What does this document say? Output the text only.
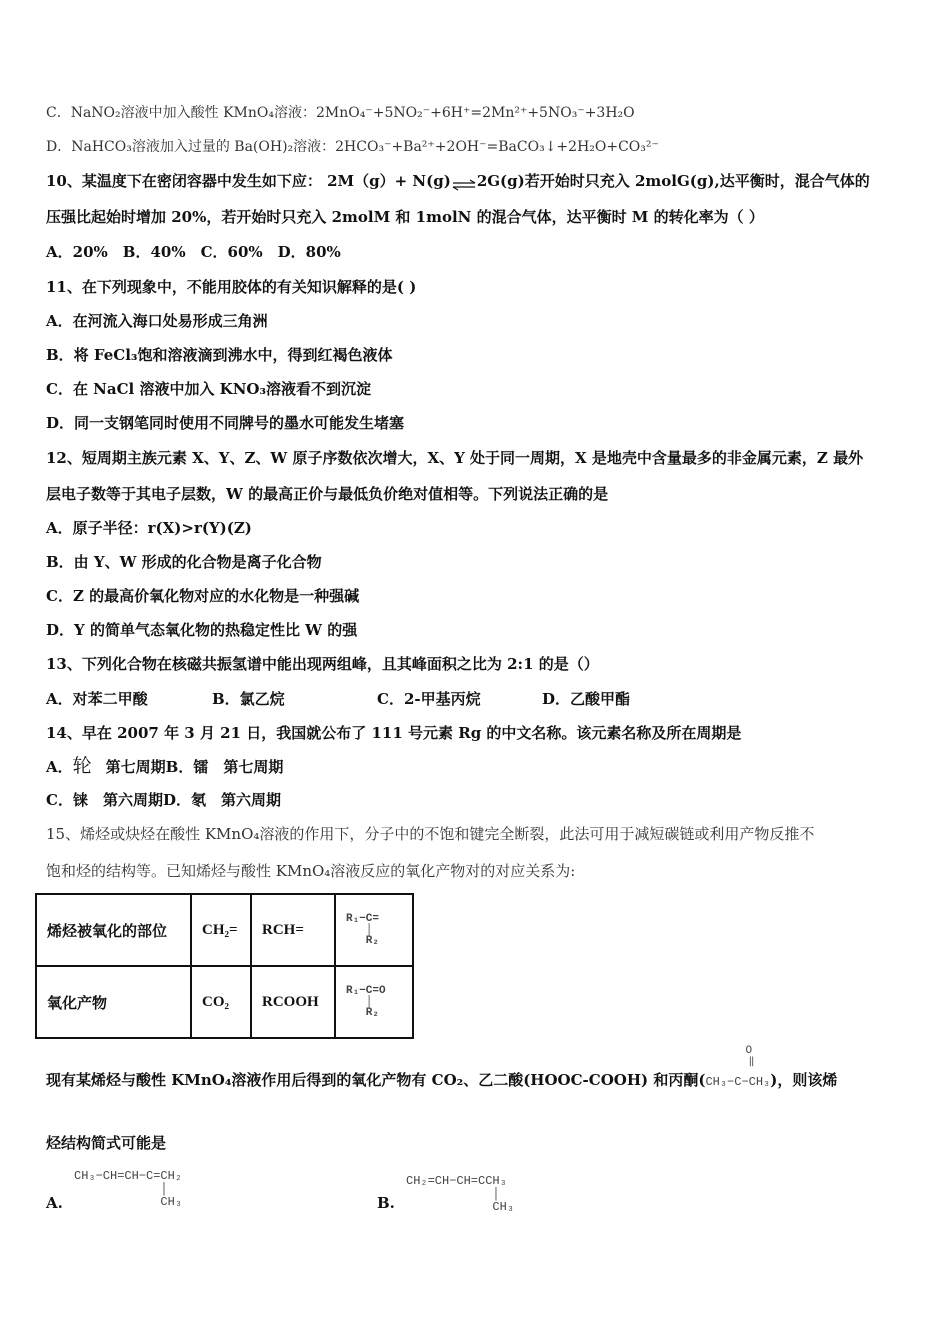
C．NaNO₂溶液中加入酸性 KMnO₄溶液：2MnO₄⁻+5NO₂⁻+6H⁺=2Mn²⁺+5NO₃⁻+3H₂O
D．NaHCO₃溶液加入过量的 Ba(OH)₂溶液：2HCO₃⁻+Ba²⁺+2OH⁻=BaCO₃↓+2H₂O+CO₃²⁻
10、某温度下在密闭容器中发生如下应： 2M（g）+ N(g)⇌2G(g)若开始时只充入 2molG(g),达平衡时，混合气体的
压强比起始时增加 20%，若开始时只充入 2molM 和 1molN 的混合气体，达平衡时 M 的转化率为（ ）
A．20%　B．40%　C．60%　D．80%
11、在下列现象中，不能用胶体的有关知识解释的是( )
A．在河流入海口处易形成三角洲
B．将 FeCl₃饱和溶液滴到沸水中，得到红褐色液体
C．在 NaCl 溶液中加入 KNO₃溶液看不到沉淀
D．同一支钢笔同时使用不同牌号的墨水可能发生堵塞
12、短周期主族元素 X、Y、Z、W 原子序数依次增大，X、Y 处于同一周期，X 是地壳中含量最多的非金属元素，Z 最外
层电子数等于其电子层数，W 的最高正价与最低负价绝对值相等。下列说法正确的是
A．原子半径：r(X)>r(Y)(Z)
B．由 Y、W 形成的化合物是离子化合物
C．Z 的最高价氧化物对应的水化物是一种强碱
D．Y 的简单气态氧化物的热稳定性比 W 的强
13、下列化合物在核磁共振氢谱中能出现两组峰，且其峰面积之比为 2:1 的是（）
A．对苯二甲酸	B．氯乙烷	C．2-甲基丙烷	D．乙酸甲酯
14、早在 2007 年 3 月 21 日，我国就公布了 111 号元素 Rg 的中文名称。该元素名称及所在周期是
A．轮 第七周期B．镭　第七周期
C．铼　第六周期D．氡　第六周期
15、烯烃或炔烃在酸性 KMnO₄溶液的作用下，分子中的不饱和键完全断裂，此法可用于减短碳链或利用产物反推不
饱和烃的结构等。已知烯烃与酸性 KMnO₄溶液反应的氧化产物对的对应关系为:
烯烃被氧化的部位	CH₂=	RCH=	R₁−C=
│
R₂

氧化产物	CO₂	RCOOH	R₁−C=O
│
R₂
现有某烯烃与酸性 KMnO₄溶液作用后得到的氧化产物有 CO₂、乙二酸(HOOC-COOH) 和丙酮(
O
‖
CH₃−C−CH₃)，则该烯
烃结构简式可能是
A.
CH₃−CH=CH−C=CH₂
│
CH₃	B.
CH₂=CH−CH=CCH₃
│
CH₃
